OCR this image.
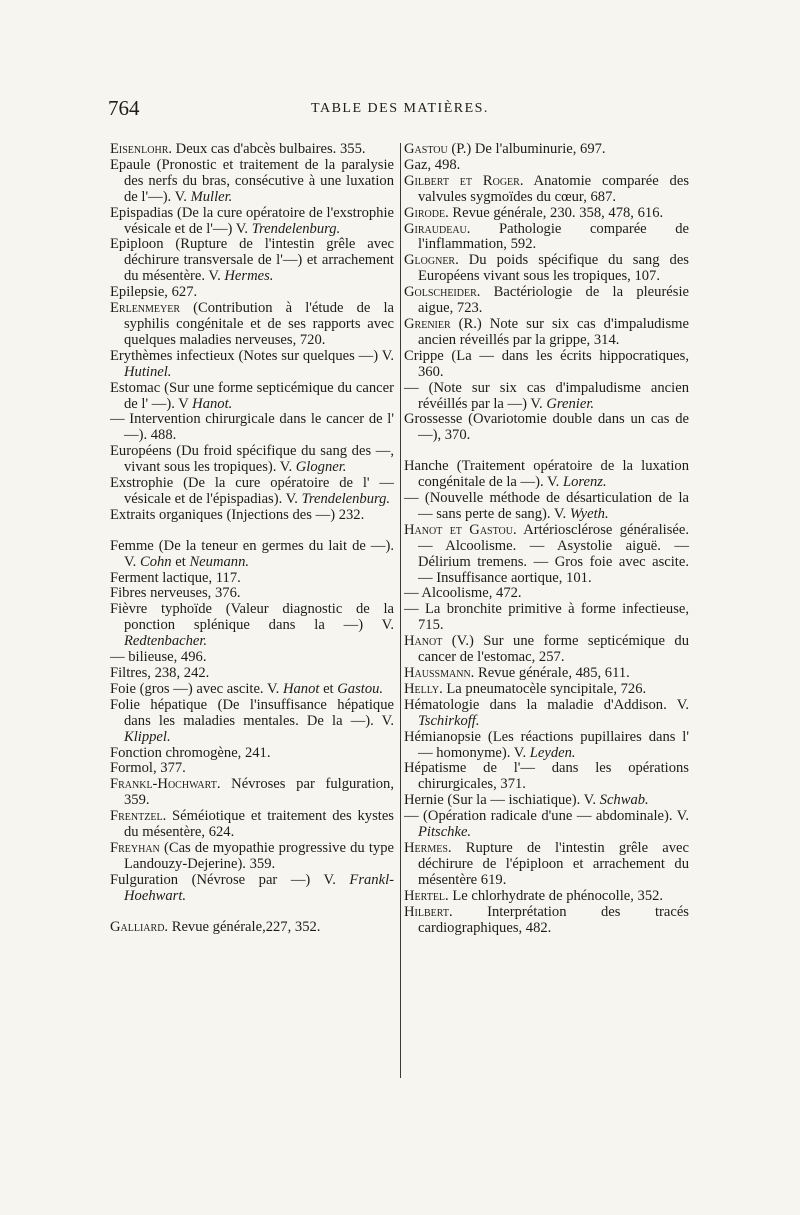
764	TABLE DES MATIÈRES.

Eisenlohr. Deux cas d'abcès bulbaires. 355.

Epaule (Pronostic et traitement de la paralysie des nerfs du bras, consécutive à une luxation de l'—). V. Muller.

Epispadias (De la cure opératoire de l'exstrophie vésicale et de l'—) V. Trendelenburg.

Epiploon (Rupture de l'intestin grêle avec déchirure transversale de l'—) et arrachement du mésentère. V. Hermes.

Epilepsie, 627.

Erlenmeyer (Contribution à l'étude de la syphilis congénitale et de ses rapports avec quelques maladies nerveuses, 720.

Erythèmes infectieux (Notes sur quelques —) V. Hutinel.

Estomac (Sur une forme septicémique du cancer de l' —). V Hanot.

— Intervention chirurgicale dans le cancer de l' —). 488.

Européens (Du froid spécifique du sang des —, vivant sous les tropiques). V. Glogner.

Exstrophie (De la cure opératoire de l' — vésicale et de l'épispadias). V. Trendelenburg.

Extraits organiques (Injections des —) 232.

Femme (De la teneur en germes du lait de —). V. Cohn et Neumann.

Ferment lactique, 117.

Fibres nerveuses, 376.

Fièvre typhoïde (Valeur diagnostic de la ponction splénique dans la —) V. Redtenbacher.

— bilieuse, 496.

Filtres, 238, 242.

Foie (gros —) avec ascite. V. Hanot et Gastou.

Folie hépatique (De l'insuffisance hépatique dans les maladies mentales. De la —). V. Klippel.

Fonction chromogène, 241.

Formol, 377.

Frankl-Hochwart. Névroses par fulguration, 359.

Frentzel. Séméiotique et traitement des kystes du mésentère, 624.

Freyhan (Cas de myopathie progressive du type Landouzy-Dejerine). 359.

Fulguration (Névrose par —) V. Frankl-Hoehwart.

Galliard. Revue générale,227, 352.

Gastou (P.) De l'albuminurie, 697.

Gaz, 498.

Gilbert et Roger. Anatomie comparée des valvules sygmoïdes du cœur, 687.

Girode. Revue générale, 230. 358, 478, 616.

Giraudeau. Pathologie comparée de l'inflammation, 592.

Glogner. Du poids spécifique du sang des Européens vivant sous les tropiques, 107.

Golscheider. Bactériologie de la pleurésie aigue, 723.

Grenier (R.) Note sur six cas d'impaludisme ancien réveillés par la grippe, 314.

Crippe (La — dans les écrits hippocratiques, 360.

— (Note sur six cas d'impaludisme ancien révéillés par la —) V. Grenier.

Grossesse (Ovariotomie double dans un cas de —), 370.

Hanche (Traitement opératoire de la luxation congénitale de la —). V. Lorenz.

— (Nouvelle méthode de désarticulation de la — sans perte de sang). V. Wyeth.

Hanot et Gastou. Artériosclérose généralisée. — Alcoolisme. — Asystolie aiguë. — Délirium tremens. — Gros foie avec ascite. — Insuffisance aortique, 101.

— Alcoolisme, 472.

— La bronchite primitive à forme infectieuse, 715.

Hanot (V.) Sur une forme septicémique du cancer de l'estomac, 257.

Haussmann. Revue générale, 485, 611.

Helly. La pneumatocèle syncipitale, 726.

Hématologie dans la maladie d'Addison. V. Tschirkoff.

Hémianopsie (Les réactions pupillaires dans l' — homonyme). V. Leyden.

Hépatisme de l'— dans les opérations chirurgicales, 371.

Hernie (Sur la — ischiatique). V. Schwab.

— (Opération radicale d'une — abdominale). V. Pitschke.

Hermes. Rupture de l'intestin grêle avec déchirure de l'épiploon et arrachement du mésentère 619.

Hertel. Le chlorhydrate de phénocolle, 352.

Hilbert. Interprétation des tracés cardiographiques, 482.
